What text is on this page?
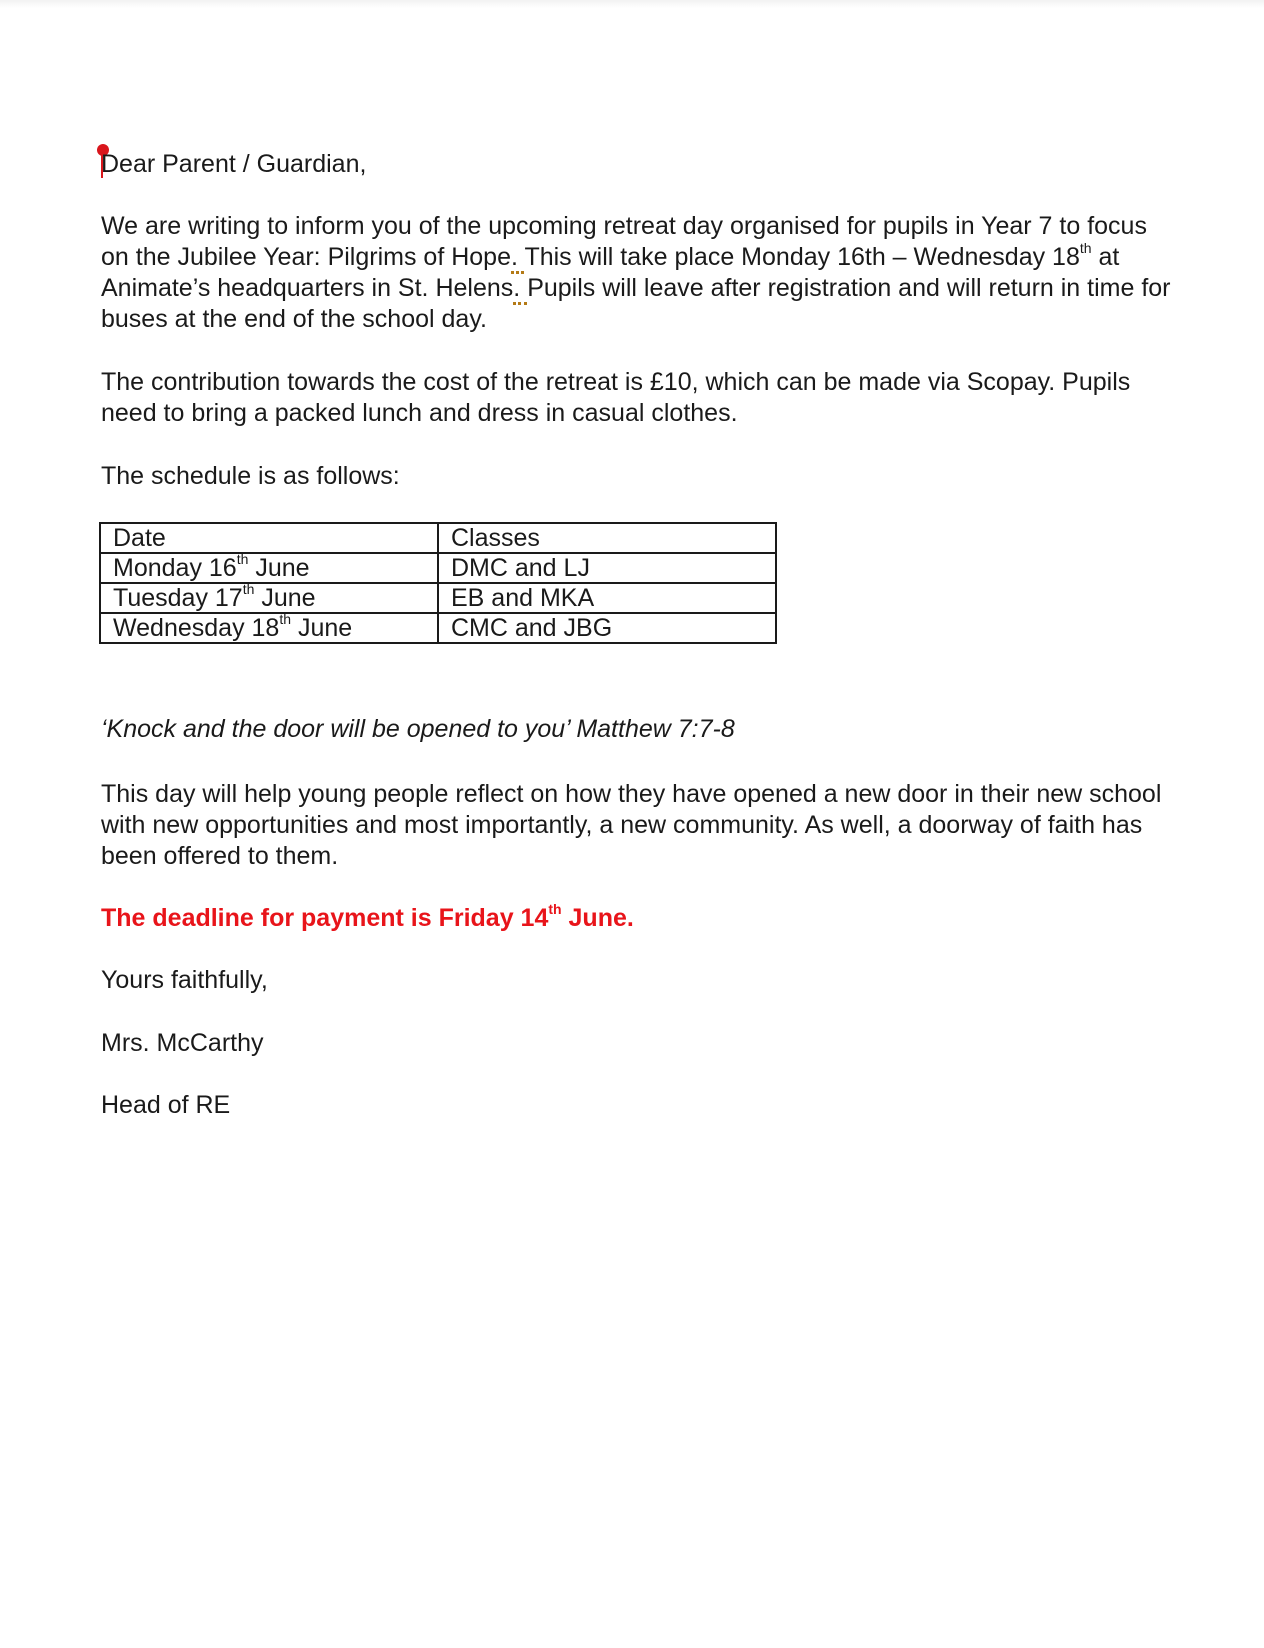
Dear Parent / Guardian,

We are writing to inform you of the upcoming retreat day organised for pupils in Year 7 to focus on the Jubilee Year: Pilgrims of Hope. This will take place Monday 16th – Wednesday 18th at Animate’s headquarters in St. Helens. Pupils will leave after registration and will return in time for buses at the end of the school day.

The contribution towards the cost of the retreat is £10, which can be made via Scopay. Pupils need to bring a packed lunch and dress in casual clothes.

The schedule is as follows:

Date	Classes
Monday 16th June	DMC and LJ
Tuesday 17th June	EB and MKA
Wednesday 18th June	CMC and JBG

‘Knock and the door will be opened to you’ Matthew 7:7-8

This day will help young people reflect on how they have opened a new door in their new school with new opportunities and most importantly, a new community. As well, a doorway of faith has been offered to them.

The deadline for payment is Friday 14th June.

Yours faithfully,

Mrs. McCarthy

Head of RE
